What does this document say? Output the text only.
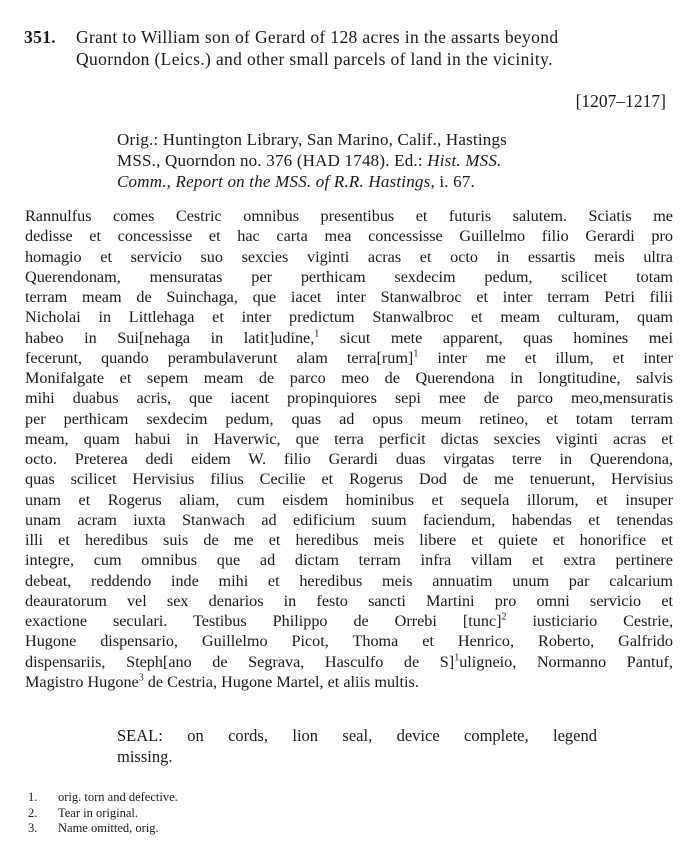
351. Grant to William son of Gerard of 128 acres in the assarts beyond
Quorndon (Leics.) and other small parcels of land in the vicinity.
[1207–1217]
Orig.: Huntington Library, San Marino, Calif., Hastings
MSS., Quorndon no. 376 (HAD 1748). Ed.: Hist. MSS.
Comm., Report on the MSS. of R.R. Hastings, i. 67.
Rannulfus comes Cestric omnibus presentibus et futuris salutem. Sciatis me
dedisse et concessisse et hac carta mea concessisse Guillelmo filio Gerardi pro
homagio et servicio suo sexcies viginti acras et octo in essartis meis ultra
Querendonam, mensuratas per perthicam sexdecim pedum, scilicet totam
terram meam de Suinchaga, que iacet inter Stanwalbroc et inter terram Petri filii
Nicholai in Littlehaga et inter predictum Stanwalbroc et meam culturam, quam
habeo in Sui[nehaga in latit]udine,$^1$ sicut mete apparent, quas homines mei
fecerunt, quando perambulaverunt alam terra[rum]$^1$ inter me et illum, et inter
Monifalgate et sepem meam de parco meo de Querendona in longtitudine, salvis
mihi duabus acris, que iacent propinquiores sepi mee de parco meo,mensuratis
per perthicam sexdecim pedum, quas ad opus meum retineo, et totam terram
meam, quam habui in Haverwic, que terra perficit dictas sexcies viginti acras et
octo. Preterea dedi eidem W. filio Gerardi duas virgatas terre in Querendona,
quas scilicet Hervisius filius Cecilie et Rogerus Dod de me tenuerunt, Hervisius
unam et Rogerus aliam, cum eisdem hominibus et sequela illorum, et insuper
unam acram iuxta Stanwach ad edificium suum faciendum, habendas et tenendas
illi et heredibus suis de me et heredibus meis libere et quiete et honorifice et
integre, cum omnibus que ad dictam terram infra villam et extra pertinere
debeat, reddendo inde mihi et heredibus meis annuatim unum par calcarium
deauratorum vel sex denarios in festo sancti Martini pro omni servicio et
exactione seculari. Testibus Philippo de Orrebi [tunc]$^2$ iusticiario Cestrie,
Hugone dispensario, Guillelmo Picot, Thoma et Henrico, Roberto, Galfrido
dispensariis, Steph[ano de Segrava, Hasculfo de S]$^1$uligneio, Normanno Pantuf,
Magistro Hugone$^3$ de Cestria, Hugone Martel, et aliis multis.
SEAL: on cords, lion seal, device complete, legend
missing.
1. orig. torn and defective.
2. Tear in original.
3. Name omitted, orig.
